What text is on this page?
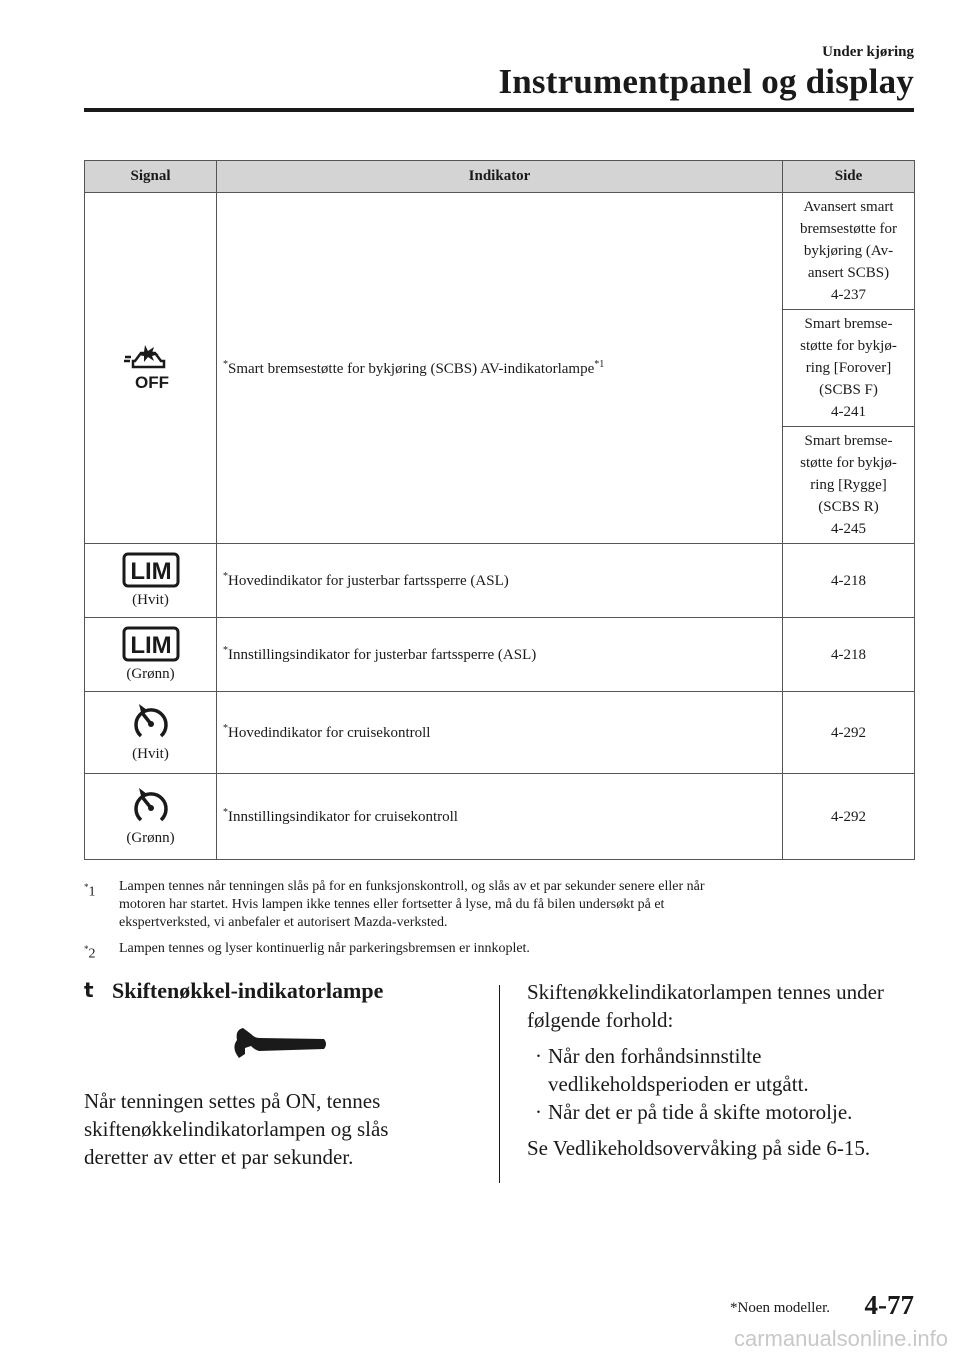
Under kjøring
Instrumentpanel og display
Signal	Indikator	Side

OFF	*Smart bremsestøtte for bykjøring (SCBS) AV-indikatorlampe$^{*1}$	Avansert smart
bremsestøtte for
bykjøring (Av-
ansert SCBS)
4-237

		Smart bremse-
støtte for bykjø-
ring [Forover]
(SCBS F)
4-241

		Smart bremse-
støtte for bykjø-
ring [Rygge]
(SCBS R)
4-245

LIM
(Hvit)	*Hovedindikator for justerbar fartssperre (ASL)	4-218

LIM
(Grønn)	*Innstillingsindikator for justerbar fartssperre (ASL)	4-218

(Hvit)	*Hovedindikator for cruisekontroll	4-292

(Grønn)	*Innstillingsindikator for cruisekontroll	4-292
*1 Lampen tennes når tenningen slås på for en funksjonskontroll, og slås av et par sekunder senere eller når
motoren har startet. Hvis lampen ikke tennes eller fortsetter å lyse, må du få bilen undersøkt på et
ekspertverksted, vi anbefaler et autorisert Mazda-verksted.
*2 Lampen tennes og lyser kontinuerlig når parkeringsbremsen er innkoplet.
t Skiftenøkkel-indikatorlampe

Når tenningen settes på ON, tennes

skiftenøkkelindikatorlampen og slås

deretter av etter et par sekunder.

Skiftenøkkelindikatorlampen tennes under

følgende forhold:

· Når den forhåndsinnstilte
vedlikeholdsperioden er utgått.
· Når det er på tide å skifte motorolje.

Se Vedlikeholdsovervåking på side 6-15.

*Noen modeller. 4-77
carmanualsonline.info
